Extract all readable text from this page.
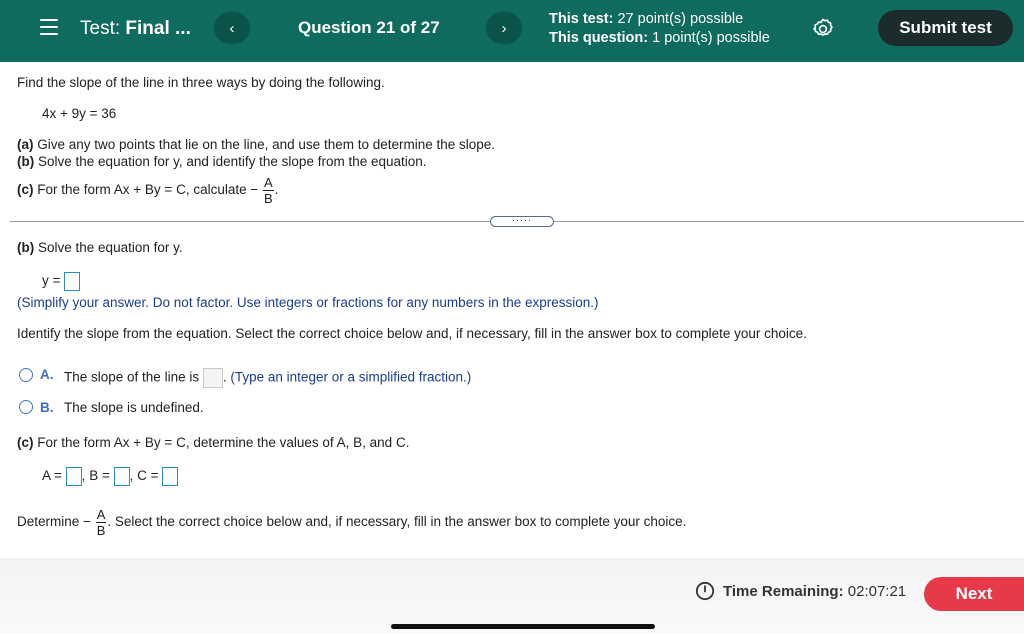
Test: Final ...	‹	Question 21 of 27	›
This test: 27 point(s) possible
This question: 1 point(s) possible
Submit test
Find the slope of the line in three ways by doing the following.
4x + 9y = 36
(a) Give any two points that lie on the line, and use them to determine the slope.
(b) Solve the equation for y, and identify the slope from the equation.
(c) For the form Ax + By = C, calculate − $\frac{A}{B}$ .
·····
(b) Solve the equation for y.
y =
(Simplify your answer. Do not factor. Use integers or fractions for any numbers in the expression.)
Identify the slope from the equation. Select the correct choice below and, if necessary, fill in the answer box to complete your choice.
A. The slope of the line is . (Type an integer or a simplified fraction.)
B. The slope is undefined.
(c) For the form Ax + By = C, determine the values of A, B, and C.
A = , B = , C =
Determine − $\frac{A}{B}$ . Select the correct choice below and, if necessary, fill in the answer box to complete your choice.
Time Remaining: 02:07:21	Next
